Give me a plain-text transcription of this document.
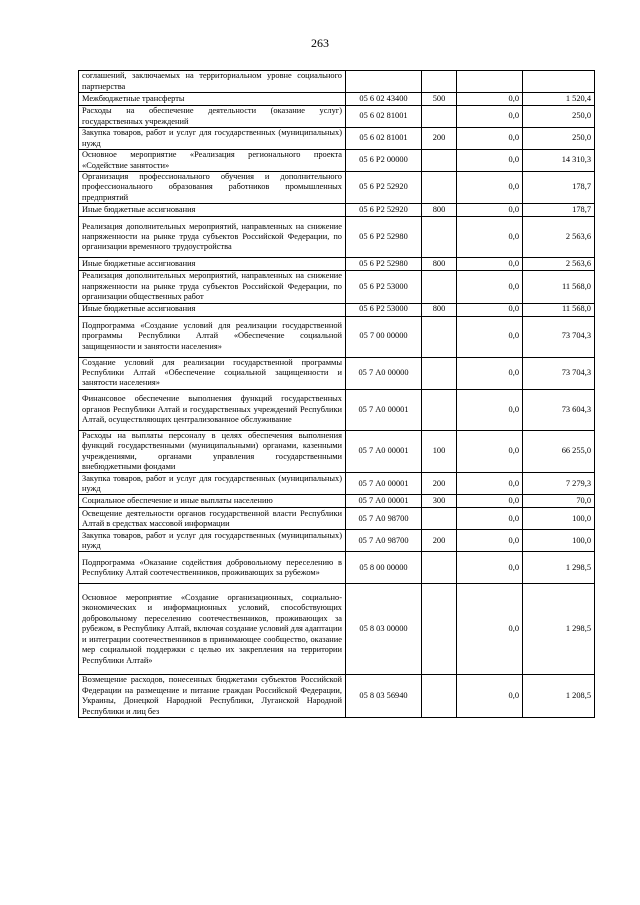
263
соглашений, заключаемых на территориальном уровне социального партнерства				
Межбюджетные трансферты	05 6 02 43400	500	0,0	1 520,4
Расходы на обеспечение деятельности (оказание услуг) государственных учреждений	05 6 02 81001		0,0	250,0
Закупка товаров, работ и услуг для государственных (муниципальных) нужд	05 6 02 81001	200	0,0	250,0
Основное мероприятие «Реализация регионального проекта «Содействие занятости»	05 6 Р2 00000		0,0	14 310,3
Организация профессионального обучения и дополнительного профессионального образования работников промышленных предприятий	05 6 Р2 52920		0,0	178,7
Иные бюджетные ассигнования	05 6 Р2 52920	800	0,0	178,7
Реализация дополнительных мероприятий, направленных на снижение напряженности на рынке труда субъектов Российской Федерации, по организации временного трудоустройства	05 6 Р2 52980		0,0	2 563,6
Иные бюджетные ассигнования	05 6 Р2 52980	800	0,0	2 563,6
Реализация дополнительных мероприятий, направленных на снижение напряженности на рынке труда субъектов Российской Федерации, по организации общественных работ	05 6 Р2 53000		0,0	11 568,0
Иные бюджетные ассигнования	05 6 Р2 53000	800	0,0	11 568,0
Подпрограмма «Создание условий для реализации государственной программы Республики Алтай «Обеспечение социальной защищенности и занятости населения»	05 7 00 00000		0,0	73 704,3
Создание условий для реализации государственной программы Республики Алтай «Обеспечение социальной защищенности и занятости населения»	05 7 А0 00000		0,0	73 704,3
Финансовое обеспечение выполнения функций государственных органов Республики Алтай и государственных учреждений Республики Алтай, осуществляющих централизованное обслуживание	05 7 А0 00001		0,0	73 604,3
Расходы на выплаты персоналу в целях обеспечения выполнения функций государственными (муниципальными) органами, казенными учреждениями, органами управления государственными внебюджетными фондами	05 7 А0 00001	100	0,0	66 255,0
Закупка товаров, работ и услуг для государственных (муниципальных) нужд	05 7 А0 00001	200	0,0	7 279,3
Социальное обеспечение и иные выплаты населению	05 7 А0 00001	300	0,0	70,0
Освещение деятельности органов государственной власти Республики Алтай в средствах массовой информации	05 7 А0 98700		0,0	100,0
Закупка товаров, работ и услуг для государственных (муниципальных) нужд	05 7 А0 98700	200	0,0	100,0
Подпрограмма «Оказание содействия добровольному переселению в Республику Алтай соотечественников, проживающих за рубежом»	05 8 00 00000		0,0	1 298,5
Основное мероприятие «Создание организационных, социально-экономических и информационных условий, способствующих добровольному переселению соотечественников, проживающих за рубежом, в Республику Алтай, включая создание условий для адаптации и интеграции соотечественников в принимающее сообщество, оказание мер социальной поддержки с целью их закрепления на территории Республики Алтай»	05 8 03 00000		0,0	1 298,5
Возмещение расходов, понесенных бюджетами субъектов Российской Федерации на размещение и питание граждан Российской Федерации, Украины, Донецкой Народной Республики, Луганской Народной Республики и лиц без	05 8 03 56940		0,0	1 208,5
